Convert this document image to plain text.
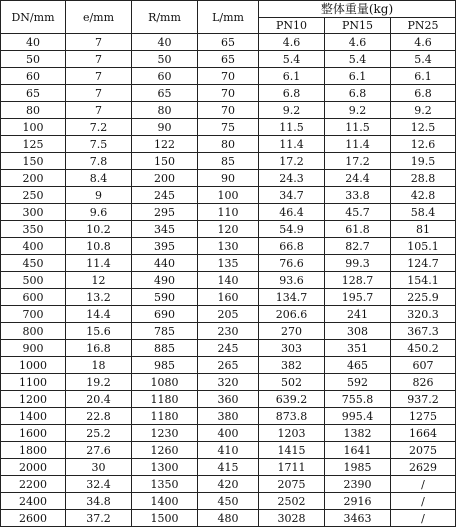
DN/mm	e/mm	R/mm	L/mm	整体重量(kg)		
				PN10	PN15	PN25
40	7	40	65	4.6	4.6	4.6
50	7	50	65	5.4	5.4	5.4
60	7	60	70	6.1	6.1	6.1
65	7	65	70	6.8	6.8	6.8
80	7	80	70	9.2	9.2	9.2
100	7.2	90	75	11.5	11.5	12.5
125	7.5	122	80	11.4	11.4	12.6
150	7.8	150	85	17.2	17.2	19.5
200	8.4	200	90	24.3	24.4	28.8
250	9	245	100	34.7	33.8	42.8
300	9.6	295	110	46.4	45.7	58.4
350	10.2	345	120	54.9	61.8	81
400	10.8	395	130	66.8	82.7	105.1
450	11.4	440	135	76.6	99.3	124.7
500	12	490	140	93.6	128.7	154.1
600	13.2	590	160	134.7	195.7	225.9
700	14.4	690	205	206.6	241	320.3
800	15.6	785	230	270	308	367.3
900	16.8	885	245	303	351	450.2
1000	18	985	265	382	465	607
1100	19.2	1080	320	502	592	826
1200	20.4	1180	360	639.2	755.8	937.2
1400	22.8	1180	380	873.8	995.4	1275
1600	25.2	1230	400	1203	1382	1664
1800	27.6	1260	410	1415	1641	2075
2000	30	1300	415	1711	1985	2629
2200	32.4	1350	420	2075	2390	/
2400	34.8	1400	450	2502	2916	/
2600	37.2	1500	480	3028	3463	/
